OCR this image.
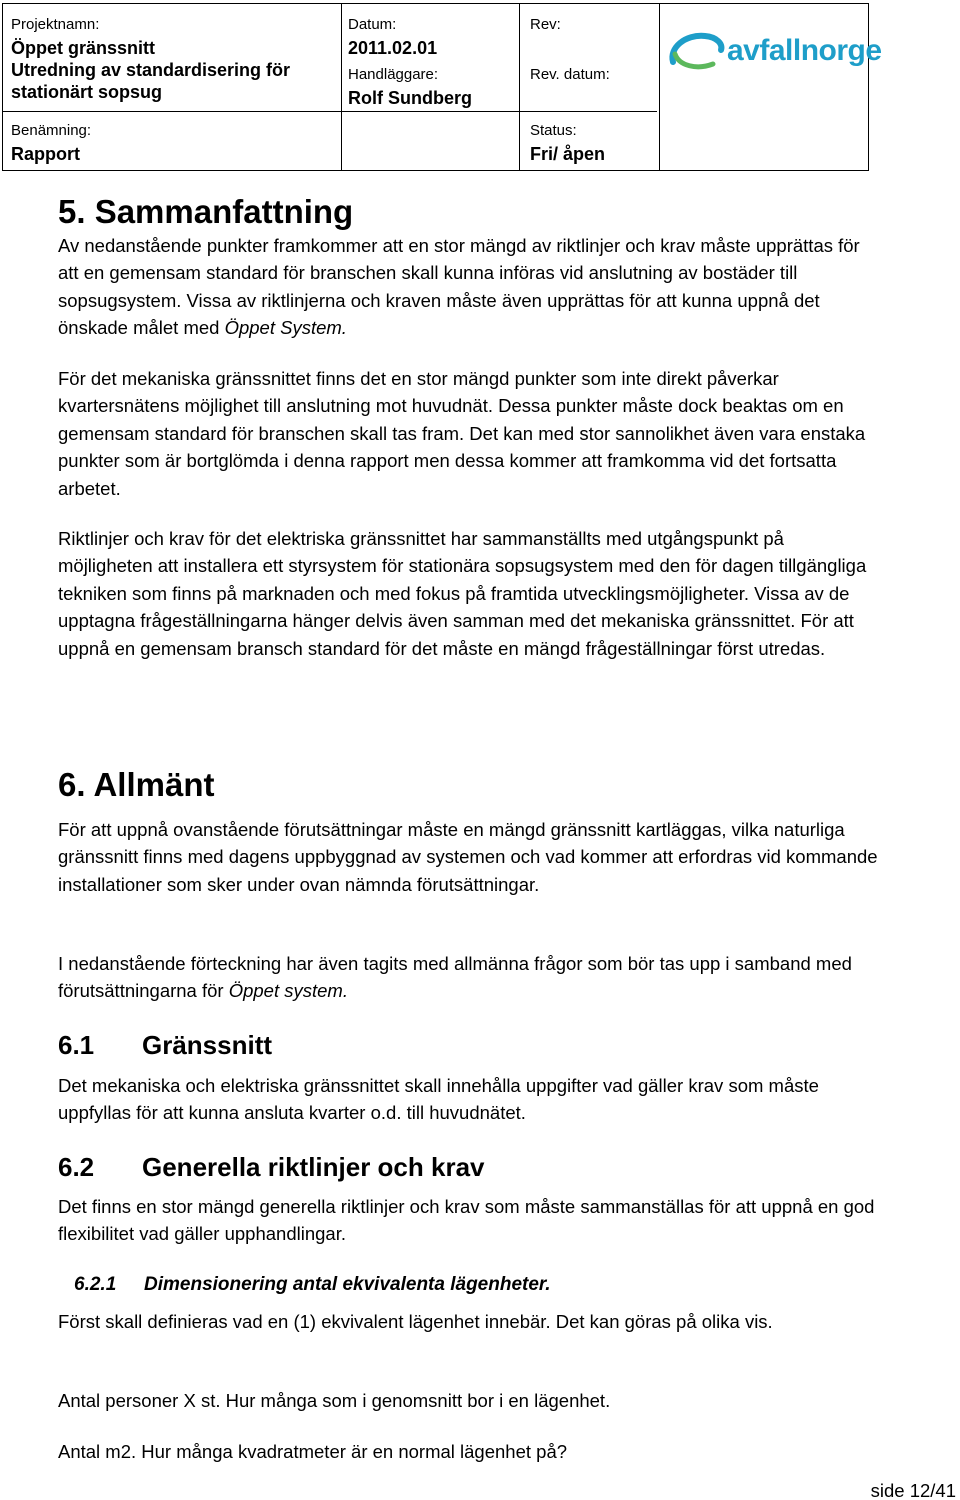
Projektnamn:
Öppet gränssnitt
Utredning av standardisering för
stationärt sopsug
Datum:
2011.02.01
Handläggare:
Rolf Sundberg
Rev:
Rev. datum:
avfallnorge
Benämning:
Rapport
Status:
Fri/ åpen
5. Sammanfattning
Av nedanstående punkter framkommer att en stor mängd av riktlinjer och krav måste upprättas för att en gemensam standard för branschen skall kunna införas vid anslutning av bostäder till sopsugsystem. Vissa av riktlinjerna och kraven måste även upprättas för att kunna uppnå det önskade målet med Öppet System.
För det mekaniska gränssnittet finns det en stor mängd punkter som inte direkt påverkar kvartersnätens möjlighet till anslutning mot huvudnät. Dessa punkter måste dock beaktas om en gemensam standard för branschen skall tas fram. Det kan med stor sannolikhet även vara enstaka punkter som är bortglömda i denna rapport men dessa kommer att framkomma vid det fortsatta arbetet.
Riktlinjer och krav för det elektriska gränssnittet har sammanställts med utgångspunkt på möjligheten att installera ett styrsystem för stationära sopsugsystem med den för dagen tillgängliga tekniken som finns på marknaden och med fokus på framtida utvecklingsmöjligheter. Vissa av de upptagna frågeställningarna hänger delvis även samman med det mekaniska gränssnittet. För att uppnå en gemensam bransch standard för det måste en mängd frågeställningar först utredas.
6. Allmänt
För att uppnå ovanstående förutsättningar måste en mängd gränssnitt kartläggas, vilka naturliga gränssnitt finns med dagens uppbyggnad av systemen och vad kommer att erfordras vid kommande installationer som sker under ovan nämnda förutsättningar.
I nedanstående förteckning har även tagits med allmänna frågor som bör tas upp i samband med förutsättningarna för Öppet system.
6.1 Gränssnitt
Det mekaniska och elektriska gränssnittet skall innehålla uppgifter vad gäller krav som måste uppfyllas för att kunna ansluta kvarter o.d. till huvudnätet.
6.2 Generella riktlinjer och krav
Det finns en stor mängd generella riktlinjer och krav som måste sammanställas för att uppnå en god flexibilitet vad gäller upphandlingar.
6.2.1 Dimensionering antal ekvivalenta lägenheter.
Först skall definieras vad en (1) ekvivalent lägenhet innebär. Det kan göras på olika vis.
Antal personer X st. Hur många som i genomsnitt bor i en lägenhet.
Antal m2. Hur många kvadratmeter är en normal lägenhet på?
side 12/41
